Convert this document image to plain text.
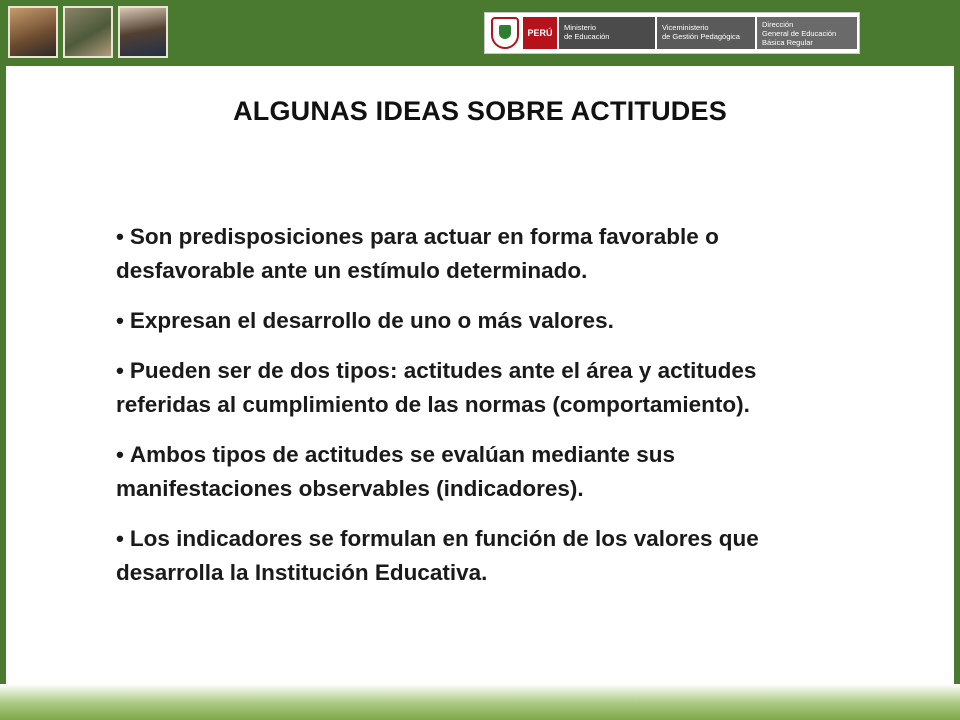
PERÚ
Ministerio
de Educación
Viceministerio
de Gestión Pedagógica
Dirección
General de Educación
Básica Regular
ALGUNAS IDEAS SOBRE ACTITUDES
• Son predisposiciones para actuar en forma favorable o desfavorable ante un estímulo determinado.
• Expresan el desarrollo de uno o más valores.
• Pueden ser de dos tipos: actitudes ante el área y actitudes referidas al cumplimiento de las normas (comportamiento).
• Ambos tipos de actitudes se evalúan mediante sus manifestaciones observables (indicadores).
• Los indicadores se formulan en función de los valores que desarrolla la Institución Educativa.
